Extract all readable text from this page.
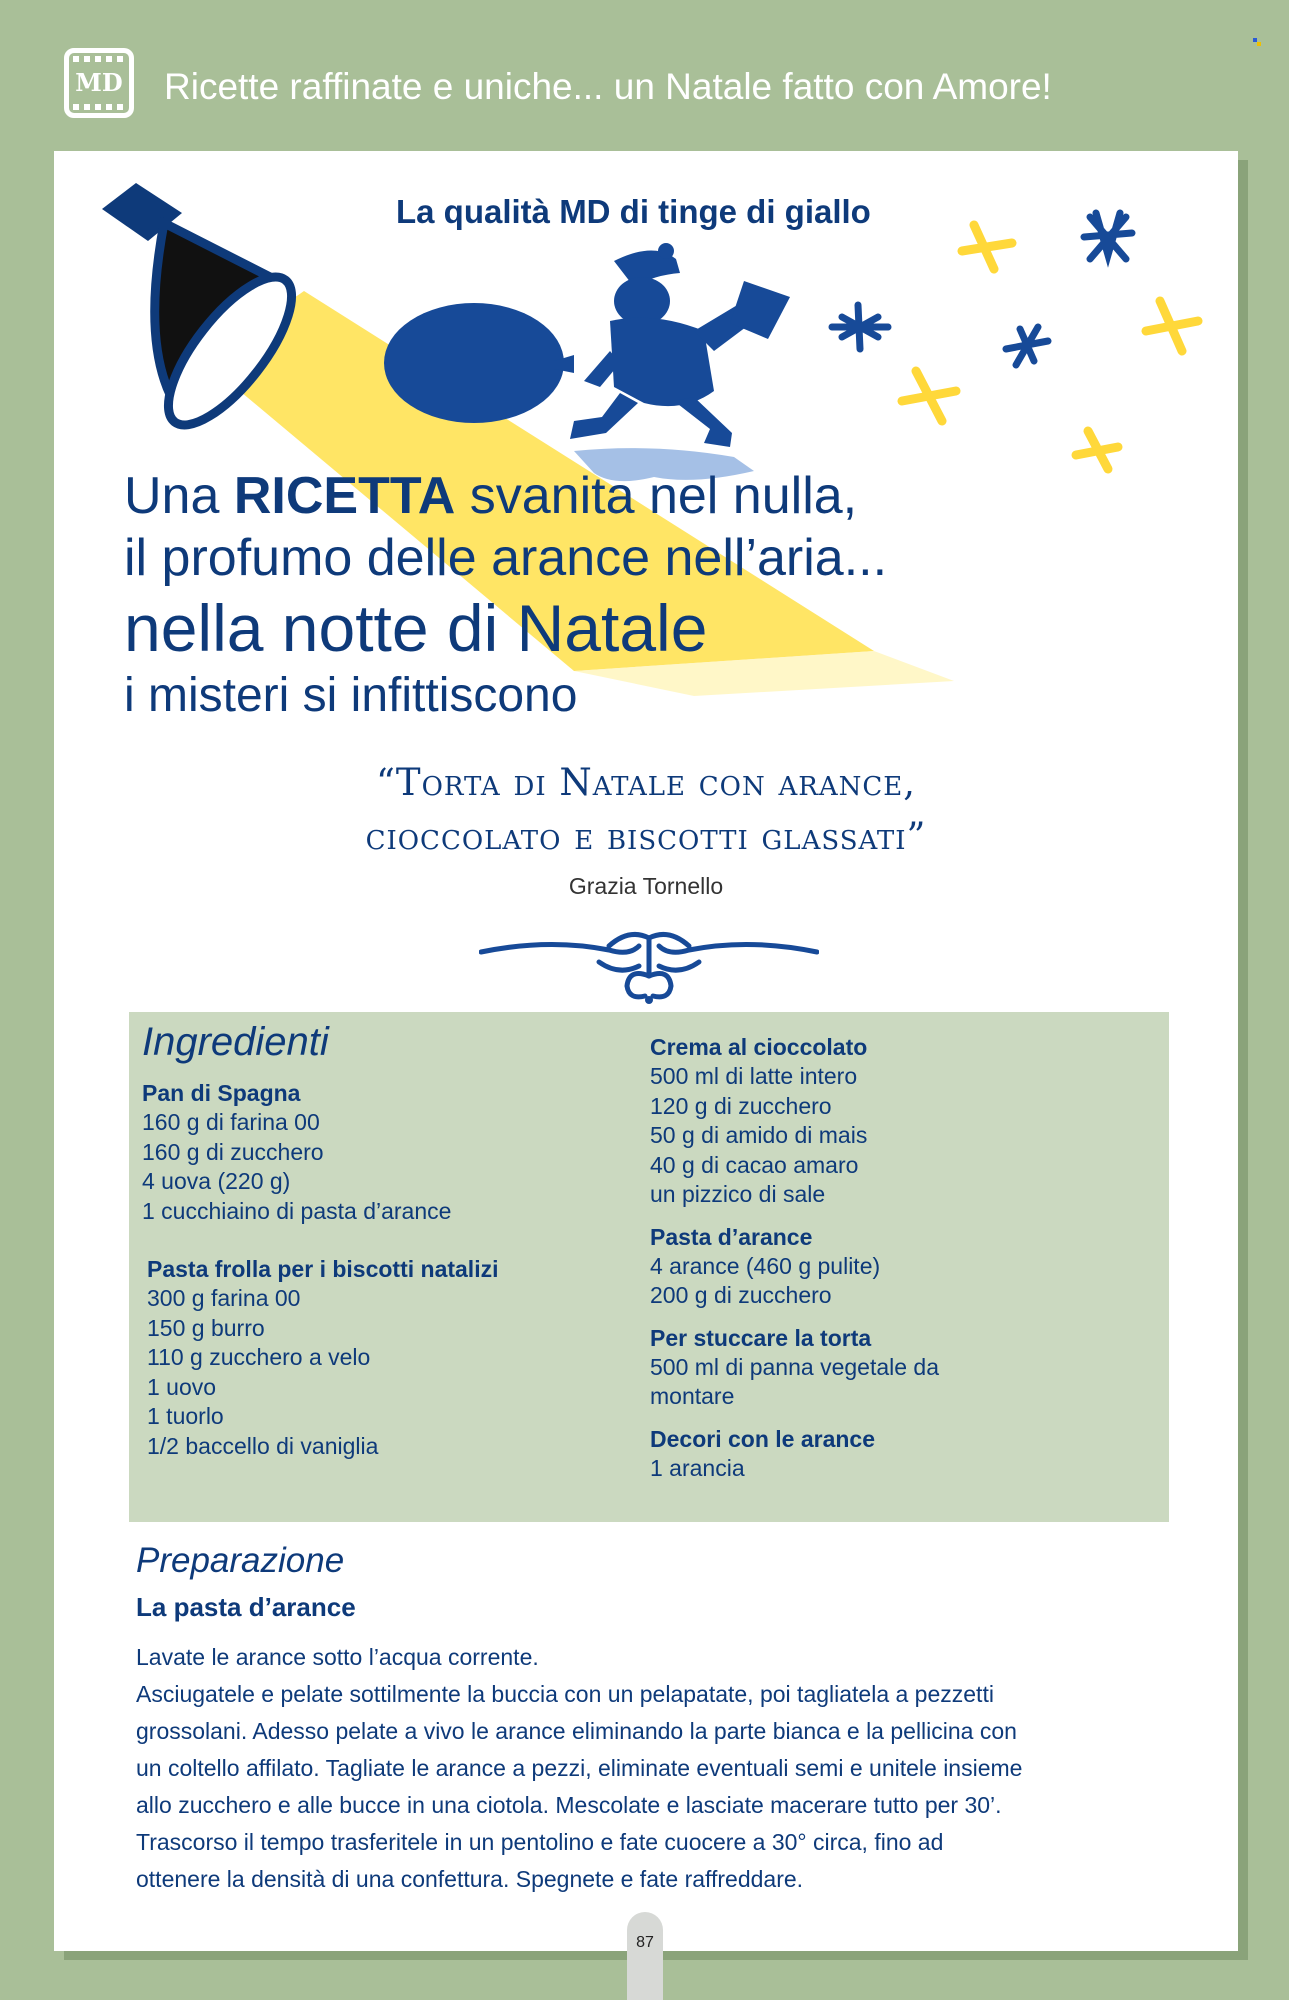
MD Ricette raffinate e uniche... un Natale fatto con Amore!
La qualità MD di tinge di giallo
Una RICETTA svanita nel nulla,
il profumo delle arance nell’aria...
nella notte di Natale
i misteri si infittiscono
“Torta di Natale con arance,
cioccolato e biscotti glassati”
Grazia Tornello
Ingredienti
Pan di Spagna
160 g di farina 00
160 g di zucchero
4 uova (220 g)
1 cucchiaino di pasta d’arance
Pasta frolla per i biscotti natalizi
300 g farina 00
150 g burro
110 g zucchero a velo
1 uovo
1 tuorlo
1/2 baccello di vaniglia
Crema al cioccolato
500 ml di latte intero
120 g di zucchero
50 g di amido di mais
40 g di cacao amaro
un pizzico di sale
Pasta d’arance
4 arance (460 g pulite)
200 g di zucchero
Per stuccare la torta
500 ml di panna vegetale da
montare
Decori con le arance
1 arancia
Preparazione
La pasta d’arance
Lavate le arance sotto l’acqua corrente.
Asciugatele e pelate sottilmente la buccia con un pelapatate, poi tagliatela a pezzetti
grossolani. Adesso pelate a vivo le arance eliminando la parte bianca e la pellicina con
un coltello affilato. Tagliate le arance a pezzi, eliminate eventuali semi e unitele insieme
allo zucchero e alle bucce in una ciotola. Mescolate e lasciate macerare tutto per 30’.
Trascorso il tempo trasferitele in un pentolino e fate cuocere a 30° circa, fino ad
ottenere la densità di una confettura. Spegnete e fate raffreddare.
87
